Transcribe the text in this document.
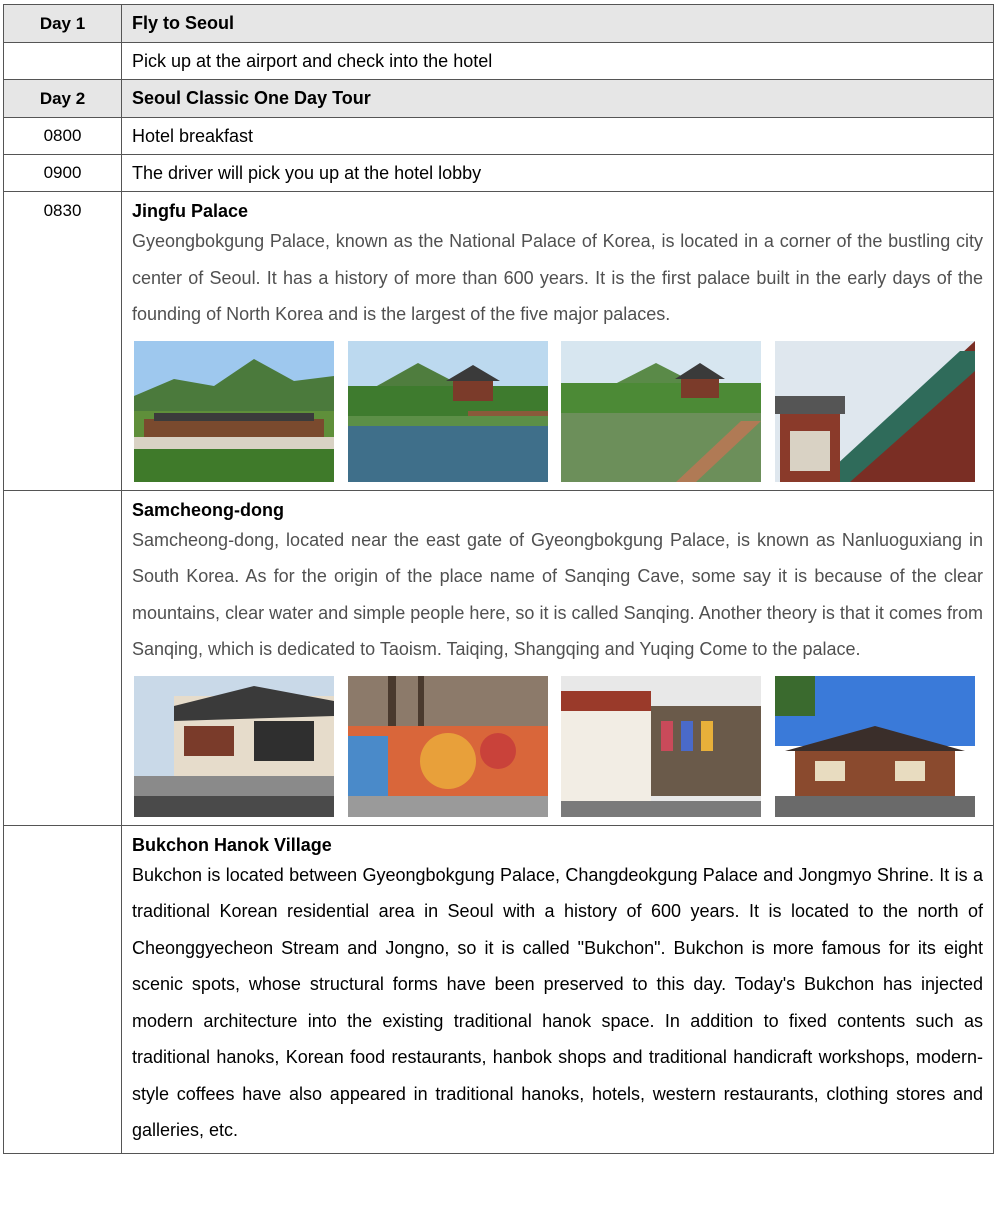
Day 1	Fly to Seoul
	Pick up at the airport and check into the hotel
Day 2	Seoul Classic One Day Tour
0800	Hotel breakfast
0900	The driver will pick you up at the hotel lobby
0830	Jingfu Palace

Gyeongbokgung Palace, known as the National Palace of Korea, is located in a corner of the bustling city center of Seoul. It has a history of more than 600 years. It is the first palace built in the early days of the founding of North Korea and is the largest of the five major palaces.

	Samcheong-dong

Samcheong-dong, located near the east gate of Gyeongbokgung Palace, is known as Nanluoguxiang in South Korea. As for the origin of the place name of Sanqing Cave, some say it is because of the clear mountains, clear water and simple people here, so it is called Sanqing. Another theory is that it comes from Sanqing, which is dedicated to Taoism. Taiqing, Shangqing and Yuqing Come to the palace.

	Bukchon Hanok Village

Bukchon is located between Gyeongbokgung Palace, Changdeokgung Palace and Jongmyo Shrine. It is a traditional Korean residential area in Seoul with a history of 600 years. It is located to the north of Cheonggyecheon Stream and Jongno, so it is called "Bukchon". Bukchon is more famous for its eight scenic spots, whose structural forms have been preserved to this day. Today's Bukchon has injected modern architecture into the existing traditional hanok space. In addition to fixed contents such as traditional hanoks, Korean food restaurants, hanbok shops and traditional handicraft workshops, modern-style coffees have also appeared in traditional hanoks, hotels, western restaurants, clothing stores and galleries, etc.
